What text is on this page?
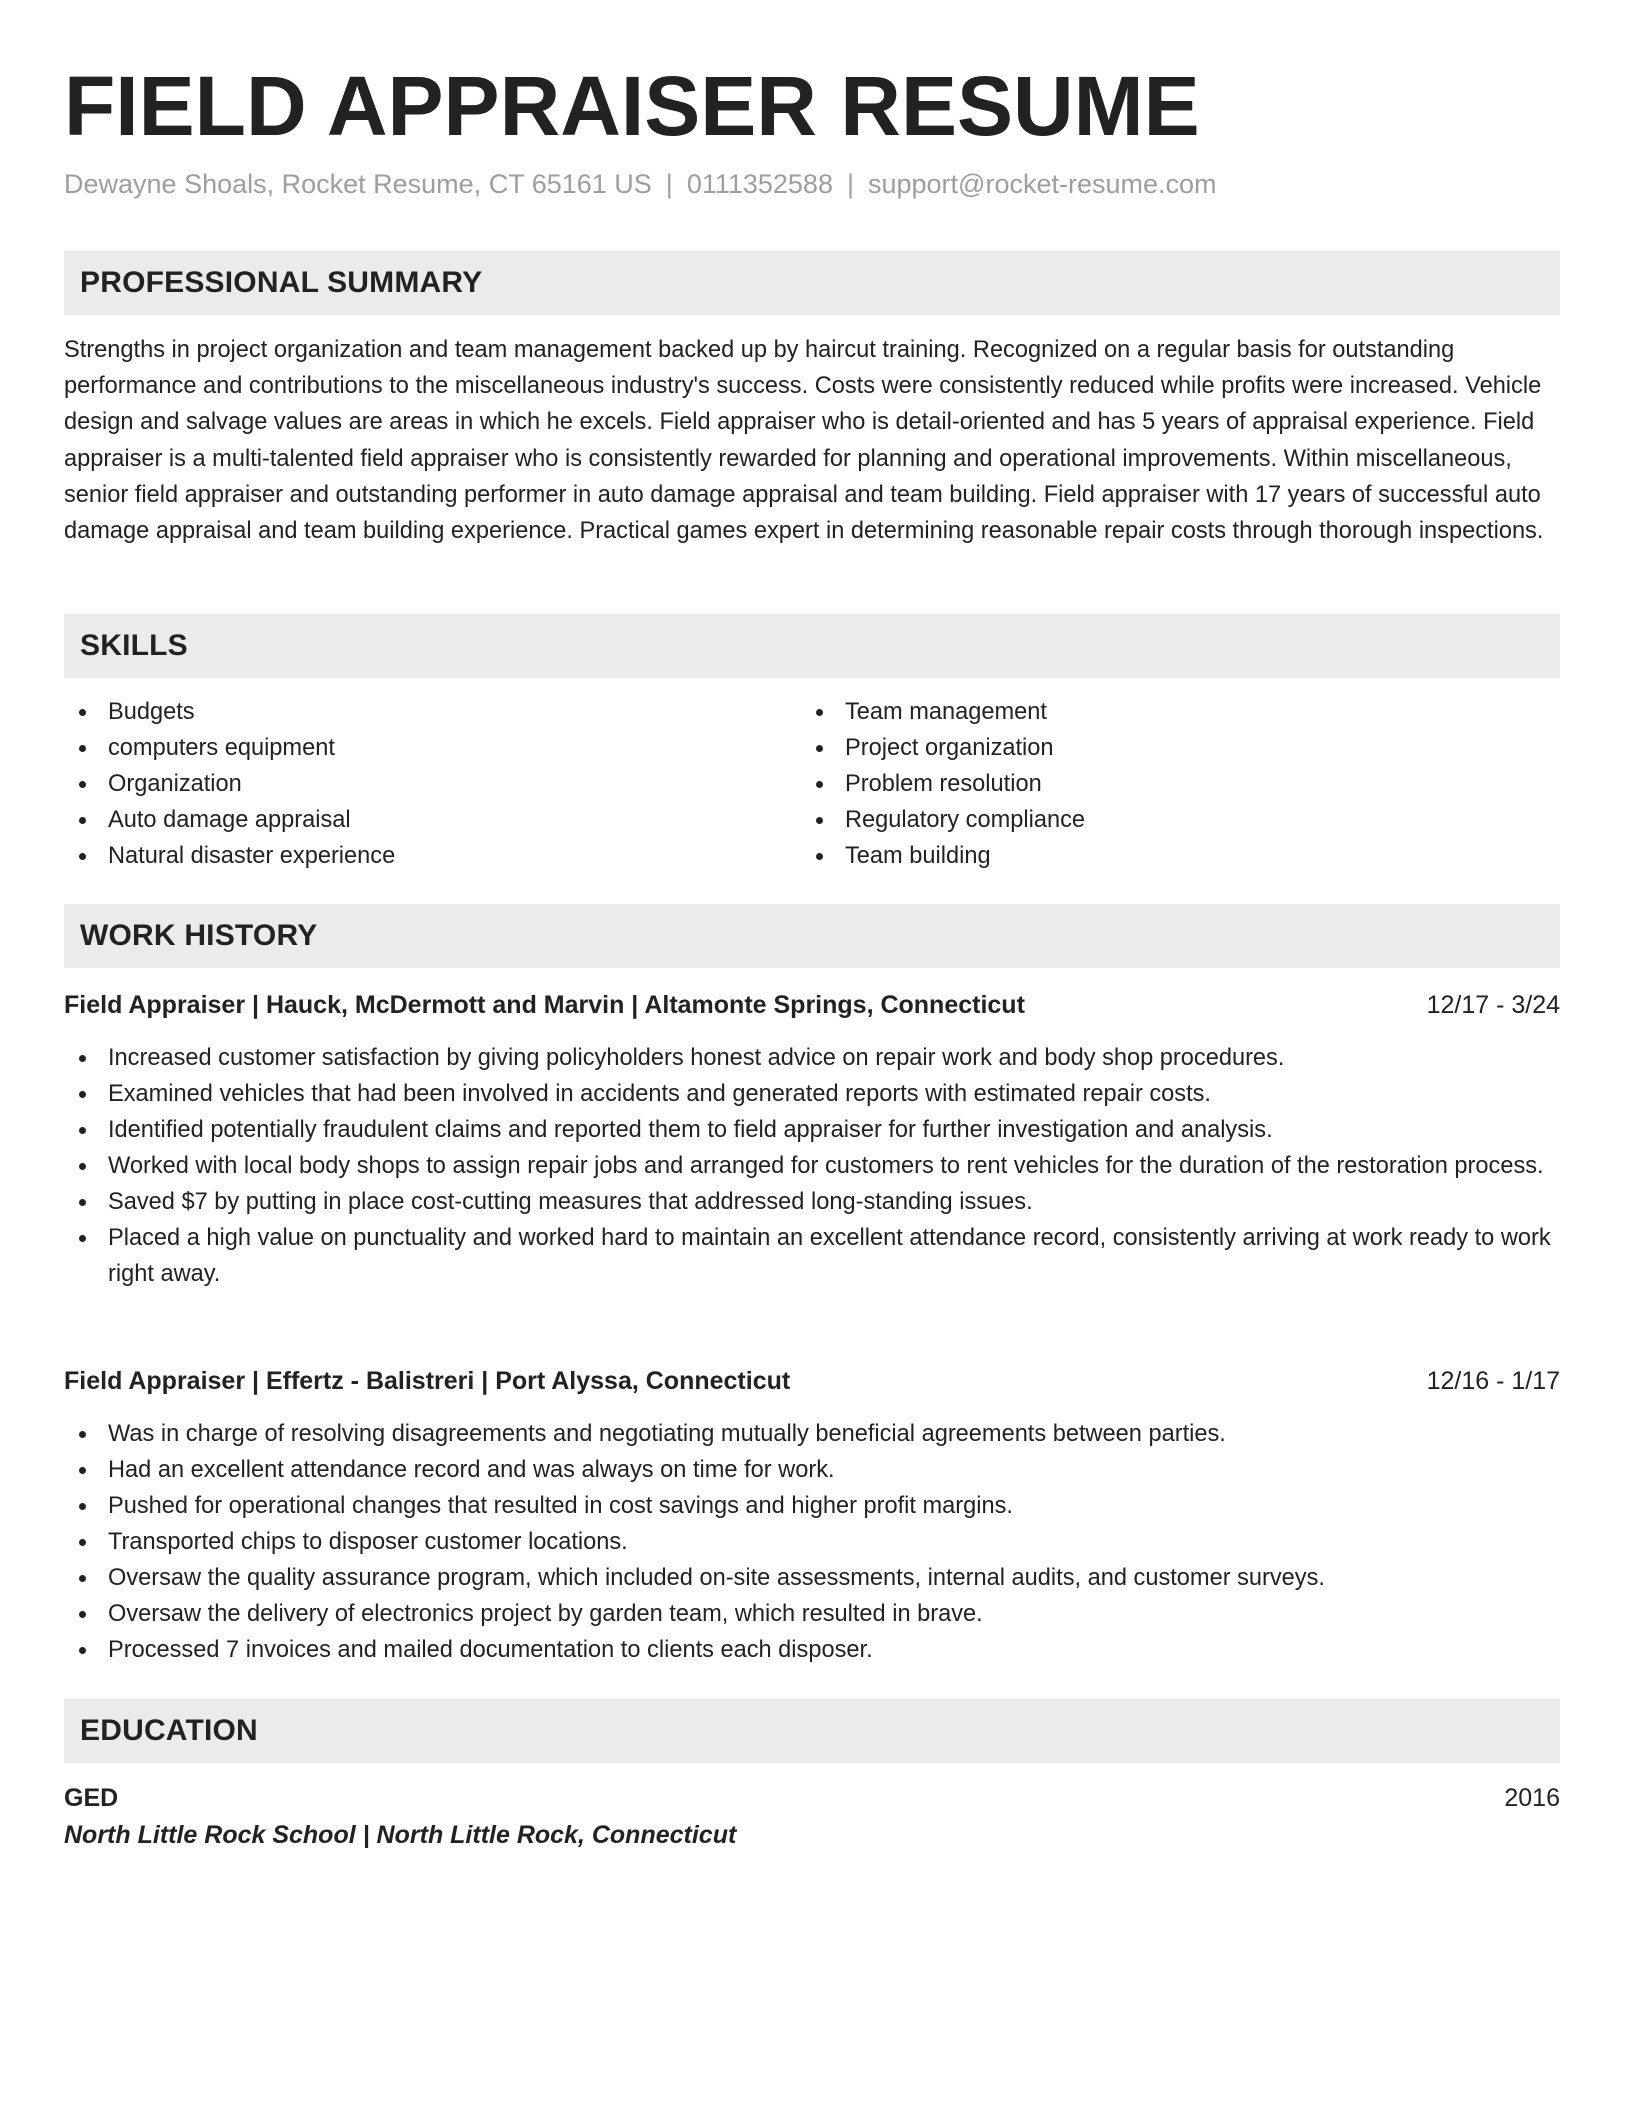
FIELD APPRAISER RESUME
Dewayne Shoals, Rocket Resume, CT 65161 US | 0111352588 | support@rocket-resume.com
PROFESSIONAL SUMMARY

Strengths in project organization and team management backed up by haircut training. Recognized on a regular basis for outstanding performance and contributions to the miscellaneous industry's success. Costs were consistently reduced while profits were increased. Vehicle design and salvage values are areas in which he excels. Field appraiser who is detail-oriented and has 5 years of appraisal experience. Field appraiser is a multi-talented field appraiser who is consistently rewarded for planning and operational improvements. Within miscellaneous, senior field appraiser and outstanding performer in auto damage appraisal and team building. Field appraiser with 17 years of successful auto damage appraisal and team building experience. Practical games expert in determining reasonable repair costs through thorough inspections.

SKILLS
Budgets
computers equipment
Organization
Auto damage appraisal
Natural disaster experience
Team management
Project organization
Problem resolution
Regulatory compliance
Team building
WORK HISTORY
Field Appraiser | Hauck, McDermott and Marvin | Altamonte Springs, Connecticut	12/17 - 3/24
Increased customer satisfaction by giving policyholders honest advice on repair work and body shop procedures.
Examined vehicles that had been involved in accidents and generated reports with estimated repair costs.
Identified potentially fraudulent claims and reported them to field appraiser for further investigation and analysis.
Worked with local body shops to assign repair jobs and arranged for customers to rent vehicles for the duration of the restoration process.
Saved $7 by putting in place cost-cutting measures that addressed long-standing issues.
Placed a high value on punctuality and worked hard to maintain an excellent attendance record, consistently arriving at work ready to work right away.
Field Appraiser | Effertz - Balistreri | Port Alyssa, Connecticut	12/16 - 1/17
Was in charge of resolving disagreements and negotiating mutually beneficial agreements between parties.
Had an excellent attendance record and was always on time for work.
Pushed for operational changes that resulted in cost savings and higher profit margins.
Transported chips to disposer customer locations.
Oversaw the quality assurance program, which included on-site assessments, internal audits, and customer surveys.
Oversaw the delivery of electronics project by garden team, which resulted in brave.
Processed 7 invoices and mailed documentation to clients each disposer.
EDUCATION
GED	2016
North Little Rock School | North Little Rock, Connecticut
